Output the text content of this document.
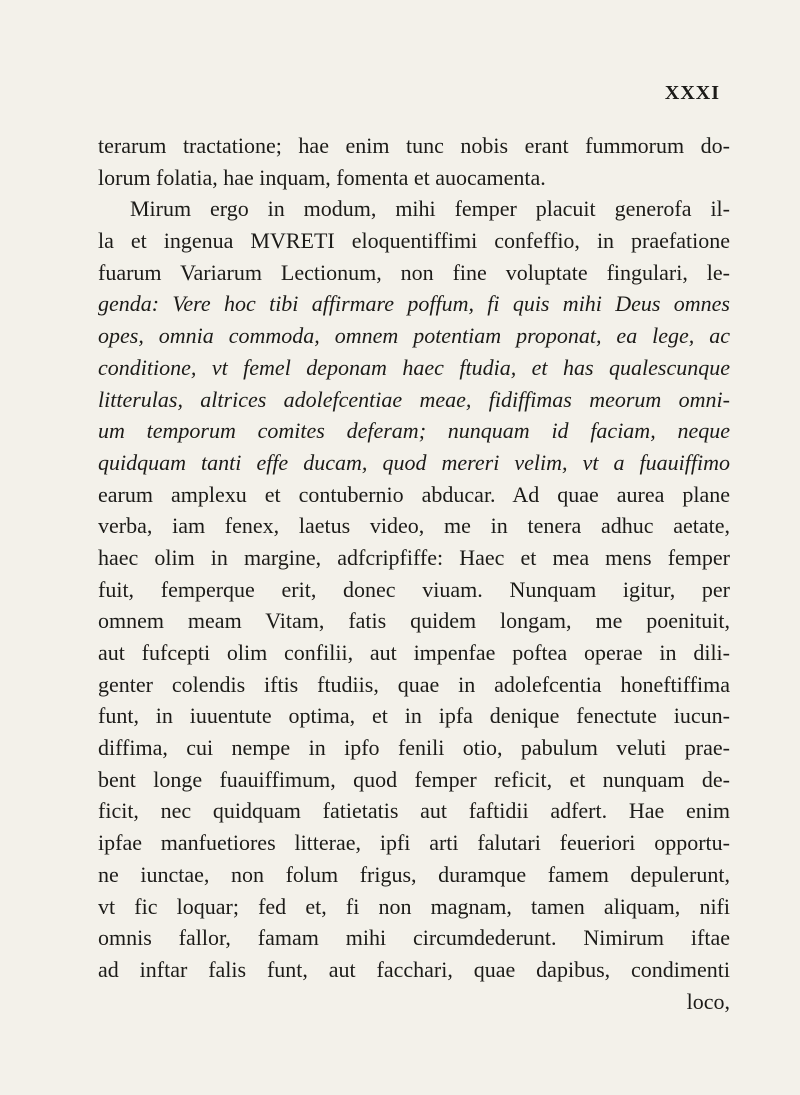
XXXI
terarum tractatione; hae enim tunc nobis erant fummorum do-
lorum folatia, hae inquam, fomenta et auocamenta.
Mirum ergo in modum, mihi femper placuit generofa il-
la et ingenua MVRETI eloquentiffimi confeffio, in praefatione
fuarum Variarum Lectionum, non fine voluptate fingulari, le-
genda: Vere hoc tibi affirmare poffum, fi quis mihi Deus omnes
opes, omnia commoda, omnem potentiam proponat, ea lege, ac
conditione, vt femel deponam haec ftudia, et has qualescunque
litterulas, altrices adolefcentiae meae, fidiffimas meorum omni-
um temporum comites deferam; nunquam id faciam, neque
quidquam tanti effe ducam, quod mereri velim, vt a fuauiffimo
earum amplexu et contubernio abducar. Ad quae aurea plane
verba, iam fenex, laetus video, me in tenera adhuc aetate,
haec olim in margine, adfcripfiffe: Haec et mea mens femper
fuit, femperque erit, donec viuam. Nunquam igitur, per
omnem meam Vitam, fatis quidem longam, me poenituit,
aut fufcepti olim confilii, aut impenfae poftea operae in dili-
genter colendis iftis ftudiis, quae in adolefcentia honeftiffima
funt, in iuuentute optima, et in ipfa denique fenectute iucun-
diffima, cui nempe in ipfo fenili otio, pabulum veluti prae-
bent longe fuauiffimum, quod femper reficit, et nunquam de-
ficit, nec quidquam fatietatis aut faftidii adfert. Hae enim
ipfae manfuetiores litterae, ipfi arti falutari feueriori opportu-
ne iunctae, non folum frigus, duramque famem depulerunt,
vt fic loquar; fed et, fi non magnam, tamen aliquam, nifi
omnis fallor, famam mihi circumdederunt. Nimirum iftae
ad inftar falis funt, aut facchari, quae dapibus, condimenti
loco,
